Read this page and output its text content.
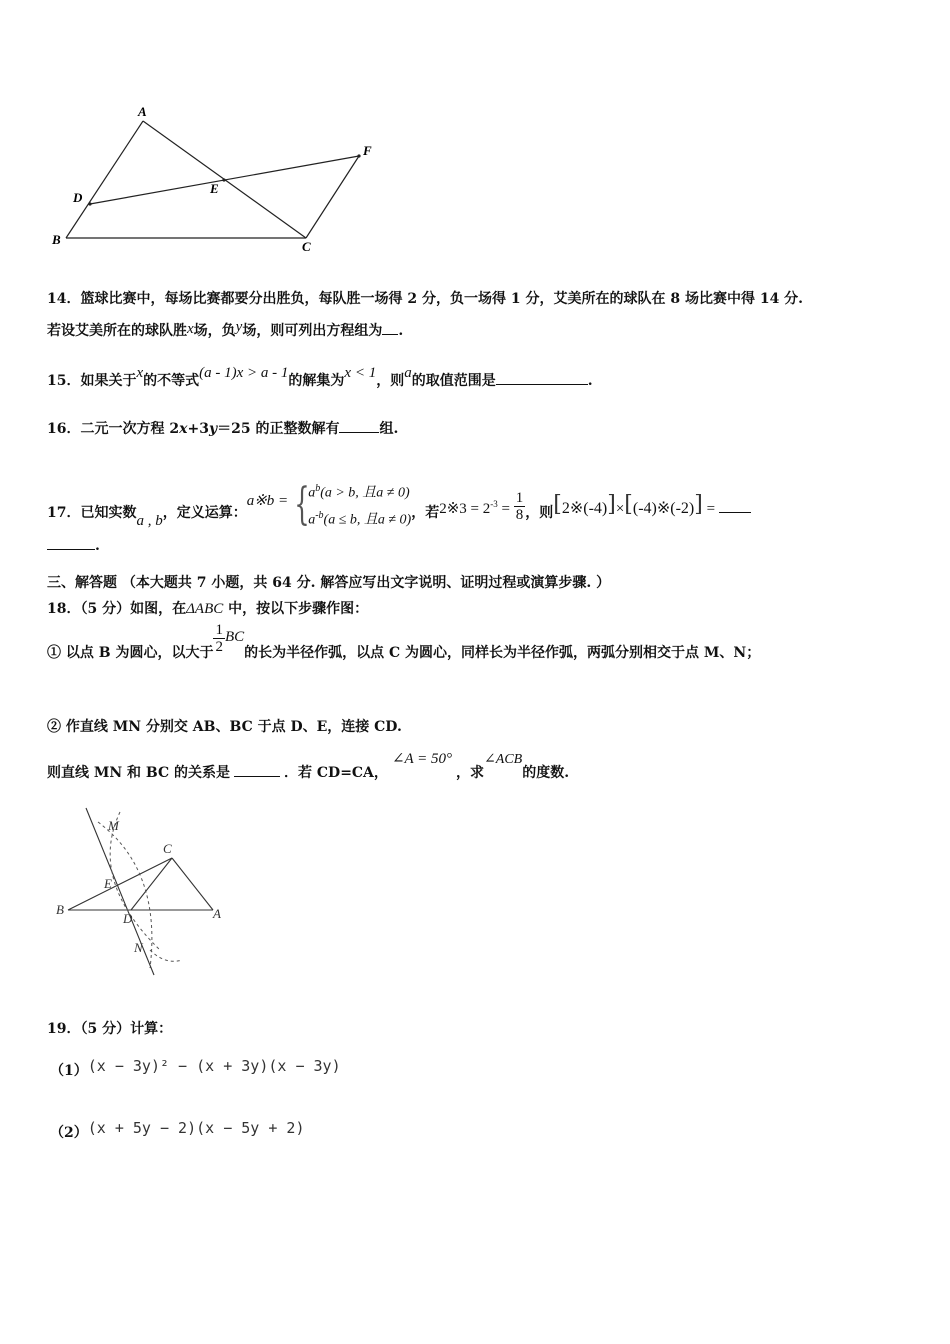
A
B	C
D
E
F
14．篮球比赛中，每场比赛都要分出胜负，每队胜一场得 2 分，负一场得 1 分，艾美所在的球队在 8 场比赛中得 14 分.
若设艾美所在的球队胜x场，负y场，则可列出方程组为 .
15．如果关于x的不等式(a - 1)x > a - 1的解集为x < 1，则a的取值范围是	.
16．二元一次方程 2x+3y＝25 的正整数解有	组.
17．已知实数a , b，定义运算：a※b = {
$a^b(a > b$, 且a ≠ 0)
$a^{-b}(a \le b$, 且a ≠ 0) ，若2※3 = $2^{-3} = \frac{1}{8}$ ，则[2※(-4)]×[(-4)※(-2)] =
.
三、解答题 （本大题共 7 小题，共 64 分. 解答应写出文字说明、证明过程或演算步骤. ）
18．（5 分）如图，在ΔABC 中，按以下步骤作图：
① 以点 B 为圆心，以大于 $\frac{1}{2}$ BC的长为半径作弧，以点 C 为圆心，同样长为半径作弧，两弧分别相交于点 M、N；
② 作直线 MN 分别交 AB、BC 于点 D、E，连接 CD.
则直线 MN 和 BC 的关系是	．若 CD=CA，∠A = 50°，求∠ACB的度数.
M
C
E
B
D	A
N
19．（5 分）计算：
（1）(x − 3y)² − (x + 3y)(x − 3y)
（2）(x + 5y − 2)(x − 5y + 2)
